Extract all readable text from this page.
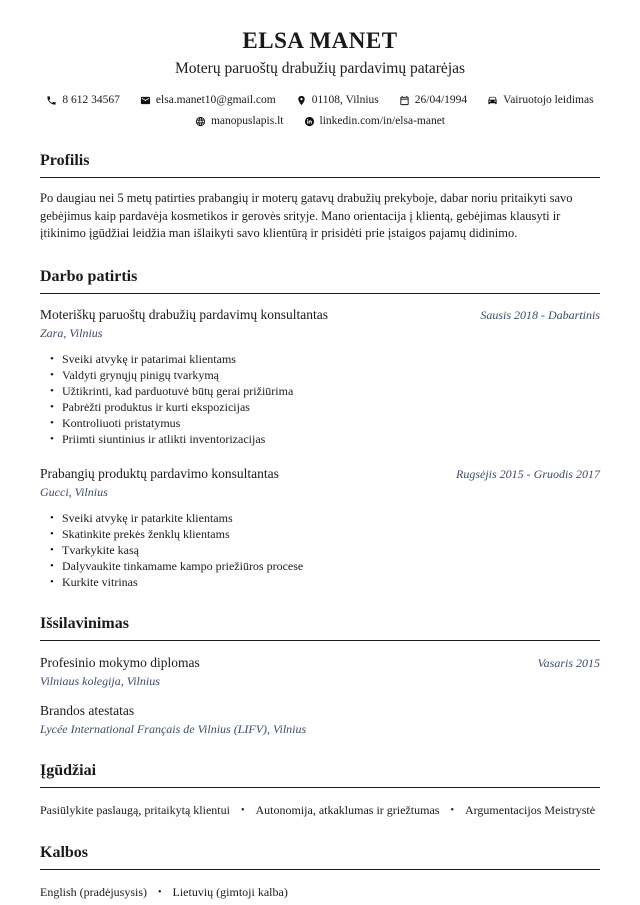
ELSA MANET
Moterų paruoštų drabužių pardavimų patarėjas
8 612 34567	elsa.manet10@gmail.com	01108, Vilnius	26/04/1994	Vairuotojo leidimas
manopuslapis.lt	linkedin.com/in/elsa-manet
Profilis

Po daugiau nei 5 metų patirties prabangių ir moterų gatavų drabužių prekyboje, dabar noriu pritaikyti savo gebėjimus kaip pardavėja kosmetikos ir gerovės srityje. Mano orientacija į klientą, gebėjimas klausyti ir įtikinimo įgūdžiai leidžia man išlaikyti savo klientūrą ir prisidėti prie įstaigos pajamų didinimo.

Darbo patirtis
Moteriškų paruoštų drabužių pardavimų konsultantas	Sausis 2018 - Dabartinis
Zara, Vilnius
• Sveiki atvykę ir patarimai klientams
• Valdyti grynųjų pinigų tvarkymą
• Užtikrinti, kad parduotuvė būtų gerai prižiūrima
• Pabrėžti produktus ir kurti ekspozicijas
• Kontroliuoti pristatymus
• Priimti siuntinius ir atlikti inventorizacijas
Prabangių produktų pardavimo konsultantas	Rugsėjis 2015 - Gruodis 2017
Gucci, Vilnius
• Sveiki atvykę ir patarkite klientams
• Skatinkite prekės ženklų klientams
• Tvarkykite kasą
• Dalyvaukite tinkamame kampo priežiūros procese
• Kurkite vitrinas
Išsilavinimas
Profesinio mokymo diplomas	Vasaris 2015
Vilniaus kolegija, Vilnius
Brandos atestatas
Lycée International Français de Vilnius (LIFV), Vilnius
Įgūdžiai
Pasiūlykite paslaugą, pritaikytą klientui • Autonomija, atkaklumas ir griežtumas • Argumentacijos Meistrystė
Kalbos
English (pradėjusysis) • Lietuvių (gimtoji kalba)
